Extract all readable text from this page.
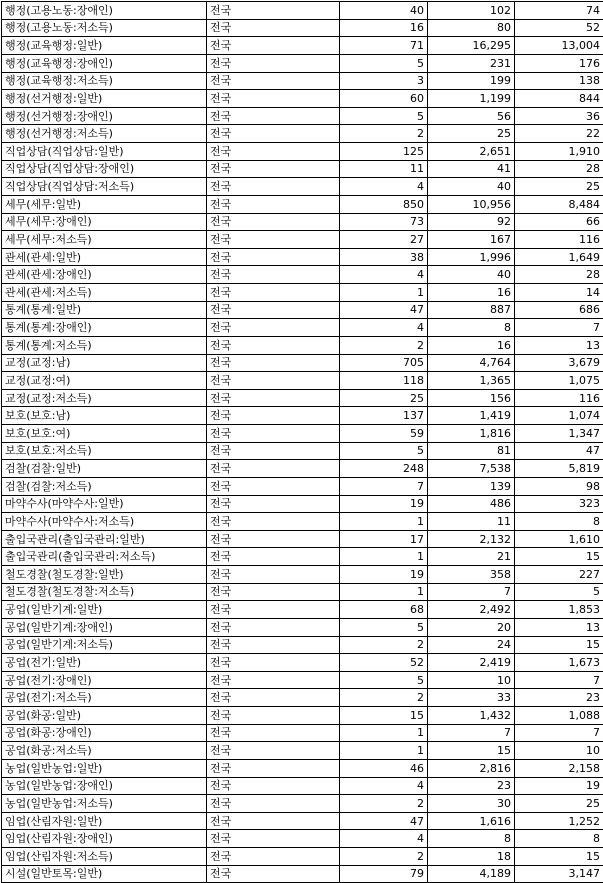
행정(고용노동:장애인)	전국	40	102	74
행정(고용노동:저소득)	전국	16	80	52
행정(교육행정:일반)	전국	71	16,295	13,004
행정(교육행정:장애인)	전국	5	231	176
행정(교육행정:저소득)	전국	3	199	138
행정(선거행정:일반)	전국	60	1,199	844
행정(선거행정:장애인)	전국	5	56	36
행정(선거행정:저소득)	전국	2	25	22
직업상담(직업상담:일반)	전국	125	2,651	1,910
직업상담(직업상담:장애인)	전국	11	41	28
직업상담(직업상담:저소득)	전국	4	40	25
세무(세무:일반)	전국	850	10,956	8,484
세무(세무:장애인)	전국	73	92	66
세무(세무:저소득)	전국	27	167	116
관세(관세:일반)	전국	38	1,996	1,649
관세(관세:장애인)	전국	4	40	28
관세(관세:저소득)	전국	1	16	14
통계(통계:일반)	전국	47	887	686
통계(통계:장애인)	전국	4	8	7
통계(통계:저소득)	전국	2	16	13
교정(교정:남)	전국	705	4,764	3,679
교정(교정:여)	전국	118	1,365	1,075
교정(교정:저소득)	전국	25	156	116
보호(보호:남)	전국	137	1,419	1,074
보호(보호:여)	전국	59	1,816	1,347
보호(보호:저소득)	전국	5	81	47
검찰(검찰:일반)	전국	248	7,538	5,819
검찰(검찰:저소득)	전국	7	139	98
마약수사(마약수사:일반)	전국	19	486	323
마약수사(마약수사:저소득)	전국	1	11	8
출입국관리(출입국관리:일반)	전국	17	2,132	1,610
출입국관리(출입국관리:저소득)	전국	1	21	15
철도경찰(철도경찰:일반)	전국	19	358	227
철도경찰(철도경찰:저소득)	전국	1	7	5
공업(일반기계:일반)	전국	68	2,492	1,853
공업(일반기계:장애인)	전국	5	20	13
공업(일반기계:저소득)	전국	2	24	15
공업(전기:일반)	전국	52	2,419	1,673
공업(전기:장애인)	전국	5	10	7
공업(전기:저소득)	전국	2	33	23
공업(화공:일반)	전국	15	1,432	1,088
공업(화공:장애인)	전국	1	7	7
공업(화공:저소득)	전국	1	15	10
농업(일반농업:일반)	전국	46	2,816	2,158
농업(일반농업:장애인)	전국	4	23	19
농업(일반농업:저소득)	전국	2	30	25
임업(산림자원:일반)	전국	47	1,616	1,252
임업(산림자원:장애인)	전국	4	8	8
임업(산림자원:저소득)	전국	2	18	15
시설(일반토목:일반)	전국	79	4,189	3,147
